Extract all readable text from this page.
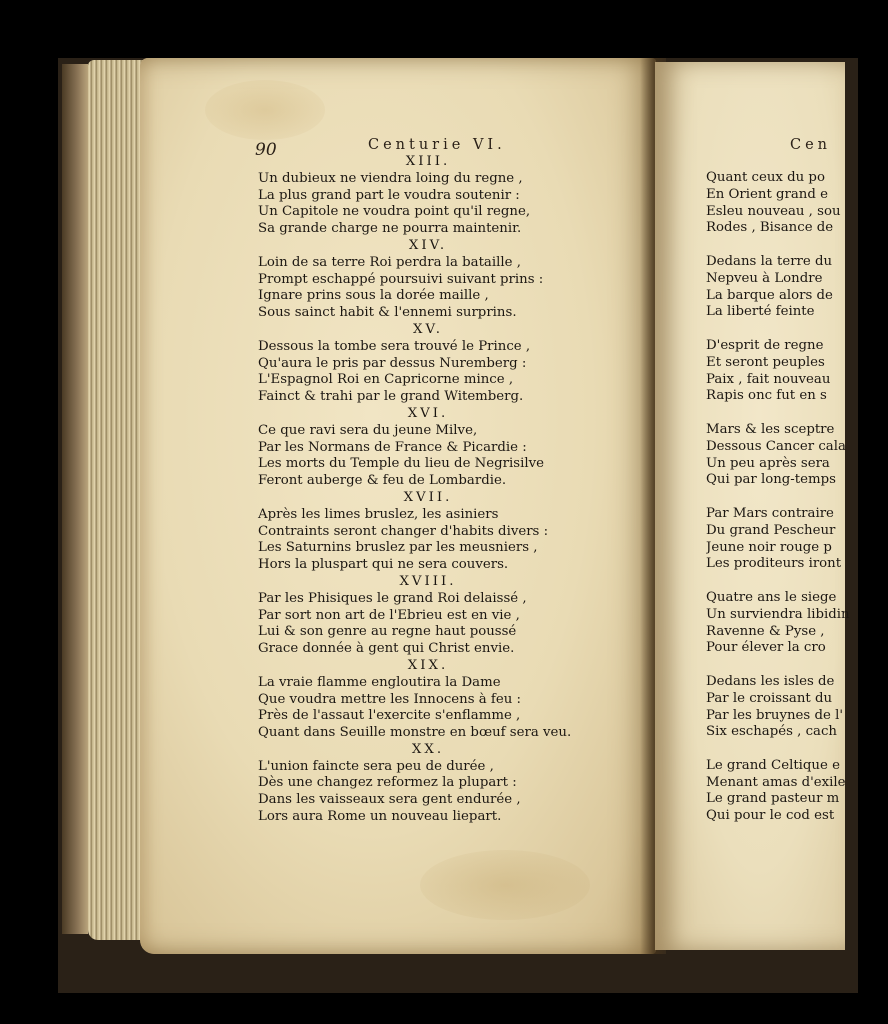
90	Centurie VI.
XIII.
Un dubieux ne viendra loing du regne ,
La plus grand part le voudra soutenir :
Un Capitole ne voudra point qu'il regne,
Sa grande charge ne pourra maintenir.
XIV.
Loin de sa terre Roi perdra la bataille ,
Prompt eschappé poursuivi suivant prins :
Ignare prins sous la dorée maille ,
Sous sainct habit & l'ennemi surprins.
XV.
Dessous la tombe sera trouvé le Prince ,
Qu'aura le pris par dessus Nuremberg :
L'Espagnol Roi en Capricorne mince ,
Fainct & trahi par le grand Witemberg.
XVI.
Ce que ravi sera du jeune Milve,
Par les Normans de France & Picardie :
Les morts du Temple du lieu de Negrisilve
Feront auberge & feu de Lombardie.
XVII.
Après les limes bruslez, les asiniers
Contraints seront changer d'habits divers :
Les Saturnins bruslez par les meusniers ,
Hors la pluspart qui ne sera couvers.
XVIII.
Par les Phisiques le grand Roi delaissé ,
Par sort non art de l'Ebrieu est en vie ,
Lui & son genre au regne haut poussé
Grace donnée à gent qui Christ envie.
XIX.
La vraie flamme engloutira la Dame
Que voudra mettre les Innocens à feu :
Près de l'assaut l'exercite s'enflamme ,
Quant dans Seuille monstre en bœuf sera veu.
XX.
L'union faincte sera peu de durée ,
Dès une changez reformez la plupart :
Dans les vaisseaux sera gent endurée ,
Lors aura Rome un nouveau liepart.
Cen
Quant ceux du po
En Orient grand e
Esleu nouveau , sou
Rodes , Bisance de
Dedans la terre du
Nepveu à Londre
La barque alors de
La liberté feinte
D'esprit de regne
Et seront peuples
Paix , fait nouveau
Rapis onc fut en s
Mars & les sceptre
Dessous Cancer cala
Un peu après sera
Qui par long-temps
Par Mars contraire
Du grand Pescheur
Jeune noir rouge p
Les proditeurs iront
Quatre ans le siege
Un surviendra libidin
Ravenne & Pyse ,
Pour élever la cro
Dedans les isles de
Par le croissant du
Par les bruynes de l'
Six eschapés , cach
Le grand Celtique e
Menant amas d'exile
Le grand pasteur m
Qui pour le cod est
